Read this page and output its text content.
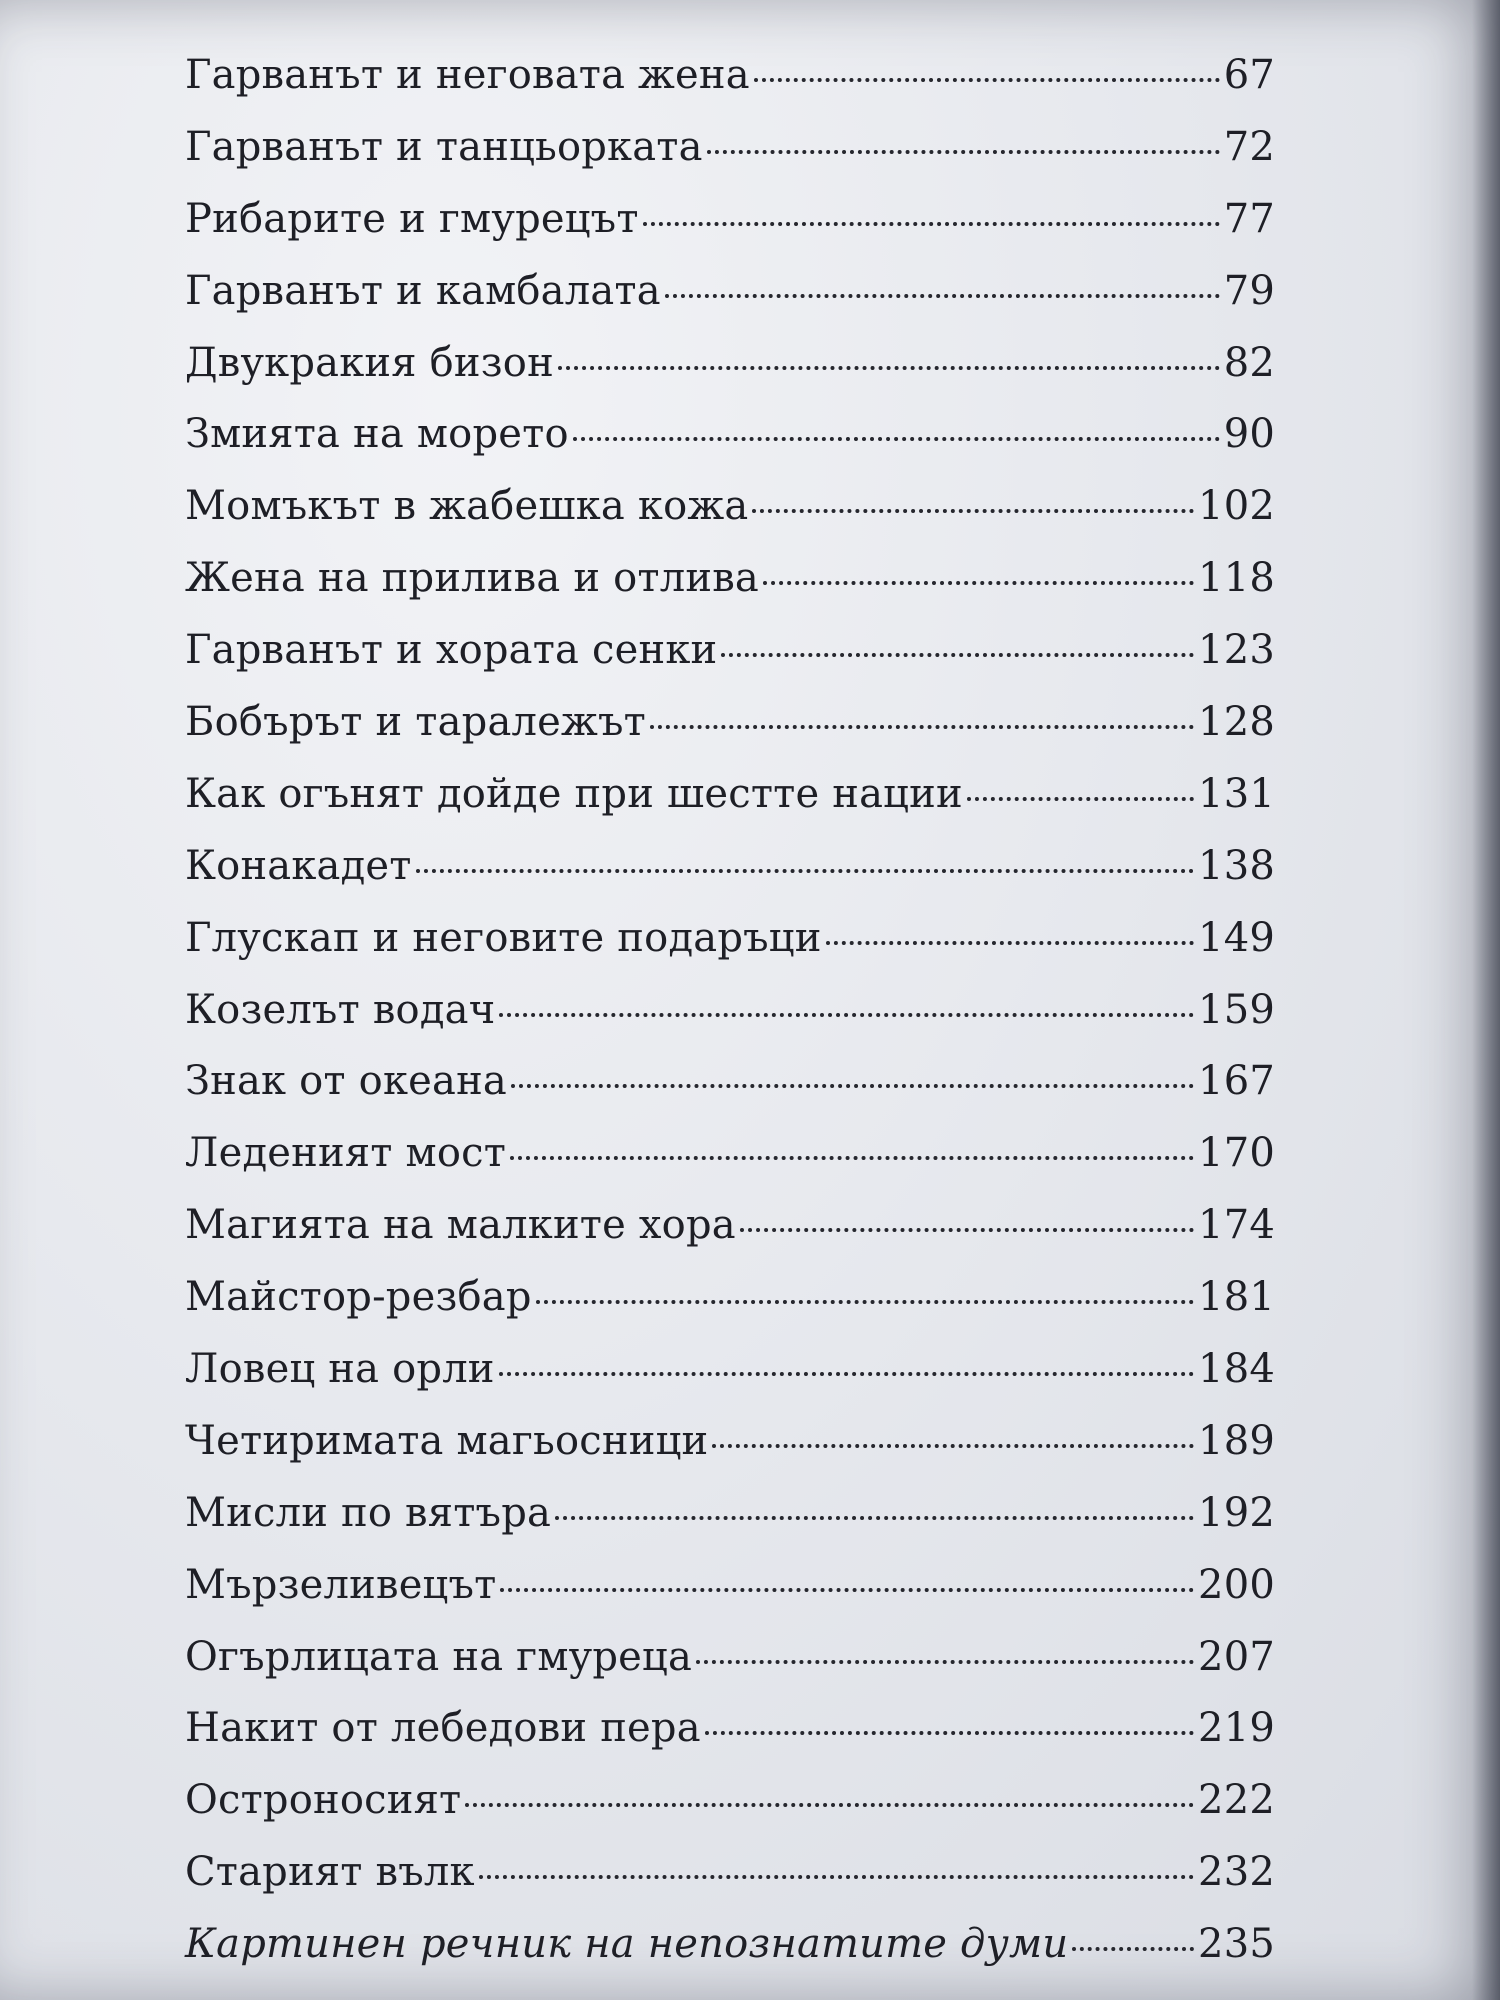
Гарванът и неговата жена	67
Гарванът и танцьорката	72
Рибарите и гмурецът	77
Гарванът и камбалата	79
Двукракия бизон	82
Змията на морето	90
Момъкът в жабешка кожа	102
Жена на прилива и отлива	118
Гарванът и хората сенки	123
Бобърът и таралежът	128
Как огънят дойде при шестте нации	131
Конакадет	138
Глускап и неговите подаръци	149
Козелът водач	159
Знак от океана	167
Леденият мост	170
Магията на малките хора	174
Майстор-резбар	181
Ловец на орли	184
Четиримата магьосници	189
Мисли по вятъра	192
Мързеливецът	200
Огърлицата на гмуреца	207
Накит от лебедови пера	219
Остроносият	222
Старият вълк	232
Картинен речник на непознатите думи	235
